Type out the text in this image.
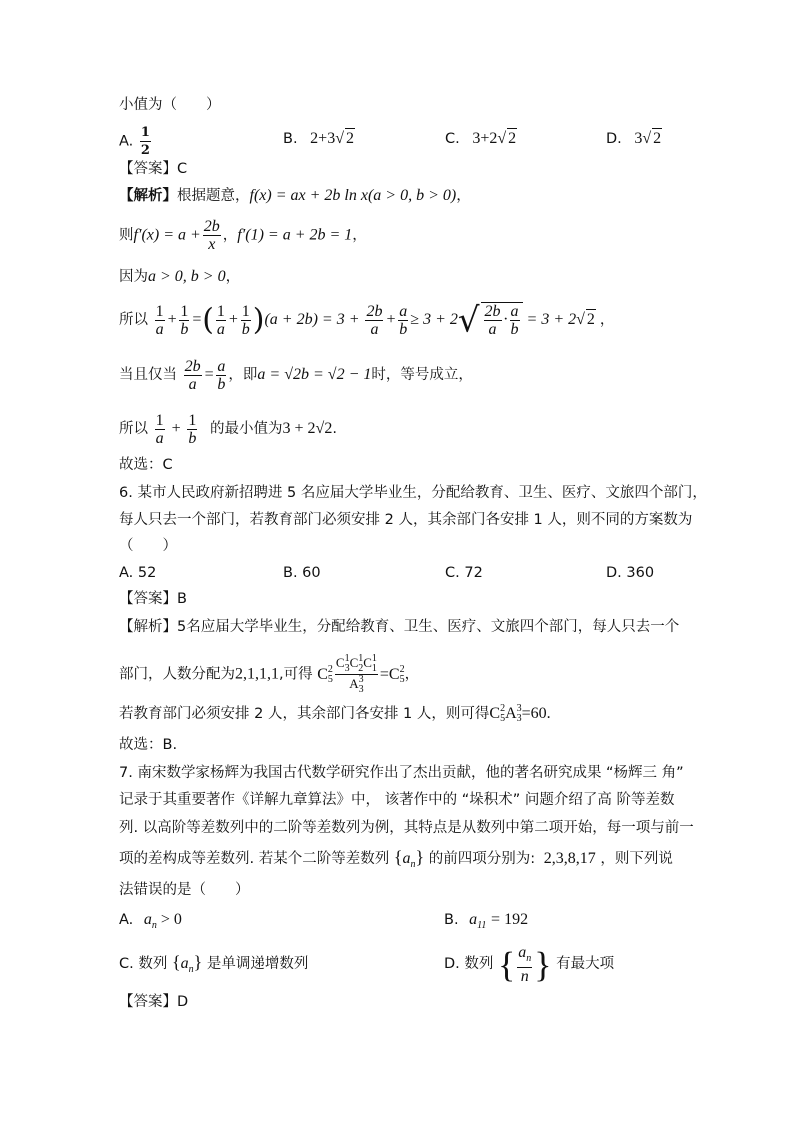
小值为（　　）
A. $\frac{1}{2}$	B. 2+3√ 2	C. 3+2√ 2	D. 3√ 2
【答案】C
【解析】根据题意，f(x) = ax + 2b ln x(a > 0, b > 0)，
则$f'(x) = a + \frac{2b}{x}$ ，f′(1) = a + 2b = 1，
因为a > 0, b > 0，
所以 $\frac{1}{a} + \frac{1}{b}$ =( $\frac{1}{a} + \frac{1}{b} )(a + 2b) = 3 + \frac{2b}{a} + \frac{a}{b} \ge 3 + 2√ \frac{2b}{a} \cdot \frac{a}{b} = 3 + 2√$ 2 ，
当且仅当 $\frac{2b}{a} = \frac{a}{b}$ ，即a = √2b = √2 − 1时，等号成立，
所以 $\frac{1}{a} + \frac{1}{b}$ 的最小值为3 + 2√2.
故选：C
6. 某市人民政府新招聘进 5 名应届大学毕业生，分配给教育、卫生、医疗、文旅四个部门，
每人只去一个部门，若教育部门必须安排 2 人，其余部门各安排 1 人，则不同的方案数为
（　　）
A. 52	B. 60	C. 72	D. 360
【答案】B
【解析】5名应届大学毕业生，分配给教育、卫生、医疗、文旅四个部门，每人只去一个
部门，人数分配为2,1,1,1,可得 C 2
5 C 1
3 C 1
2 C 1
1
A 3
3 =C 2
5 ，
若教育部门必须安排 2 人，其余部门各安排 1 人，则可得C 2
5 A 3
3 =60.
故选：B.
7. 南宋数学家杨辉为我国古代数学研究作出了杰出贡献，他的著名研究成果 “杨辉三 角”
记录于其重要著作《详解九章算法》中， 该著作中的 “垛积术” 问题介绍了高 阶等差数
列. 以高阶等差数列中的二阶等差数列为例，其特点是从数列中第二项开始，每一项与前一
项的差构成等差数列. 若某个二阶等差数列 $\{a_n\}$ 的前四项分别为: 2,3,8,17 ，则下列说
法错误的是（　　）
A. $a_n > 0$	B. $a_{11} = 192$
C. 数列 $\{a_n\}$ 是单调递增数列	D. 数列 { $\frac{a_n}{n}$ } 有最大项
【答案】D
